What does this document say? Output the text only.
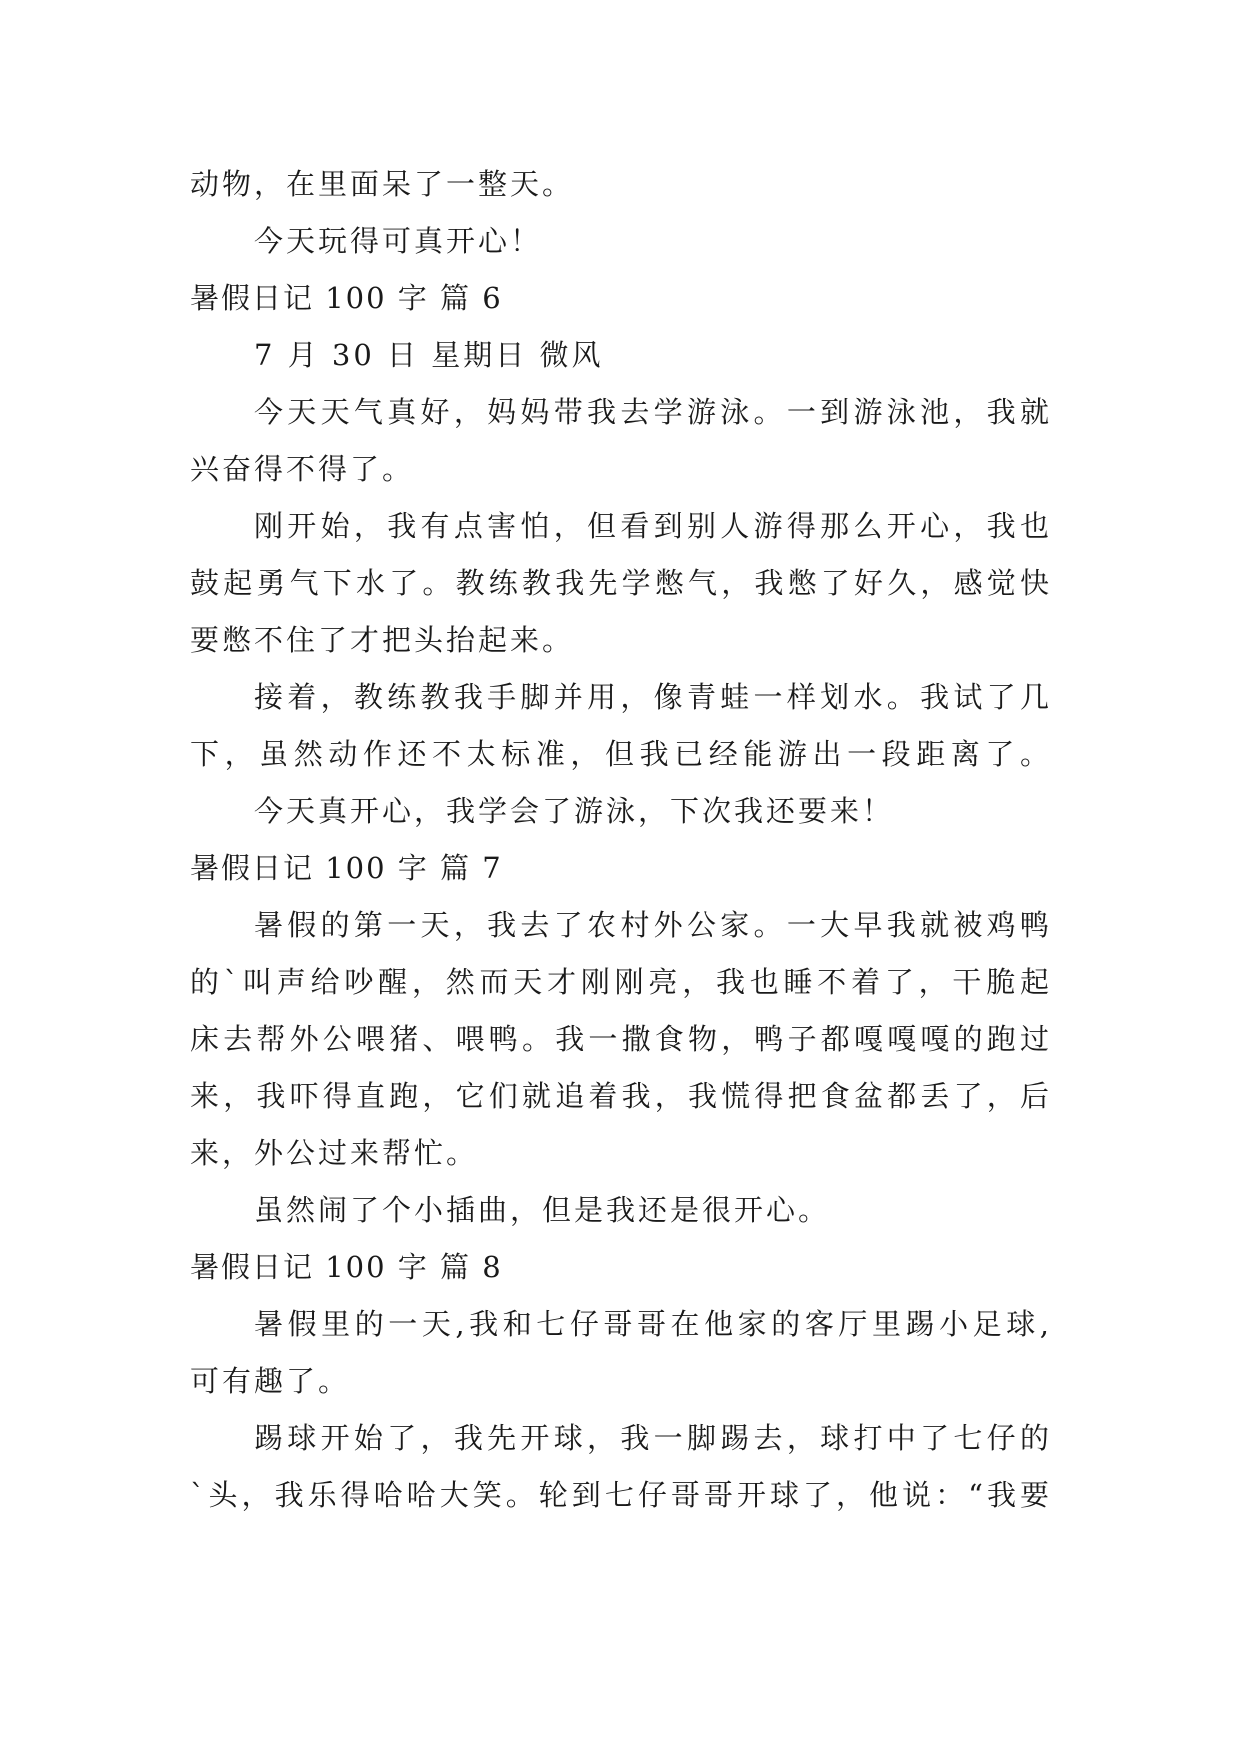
动物，在里面呆了一整天。
今天玩得可真开心！
暑假日记 100 字 篇 6
7 月 30 日 星期日 微风
今天天气真好，妈妈带我去学游泳。一到游泳池，我就
兴奋得不得了。
刚开始，我有点害怕，但看到别人游得那么开心，我也
鼓起勇气下水了。教练教我先学憋气，我憋了好久，感觉快
要憋不住了才把头抬起来。
接着，教练教我手脚并用，像青蛙一样划水。我试了几
下，虽然动作还不太标准，但我已经能游出一段距离了。
今天真开心，我学会了游泳，下次我还要来！
暑假日记 100 字 篇 7
暑假的第一天，我去了农村外公家。一大早我就被鸡鸭
的`叫声给吵醒，然而天才刚刚亮，我也睡不着了，干脆起
床去帮外公喂猪、喂鸭。我一撒食物，鸭子都嘎嘎嘎的跑过
来，我吓得直跑，它们就追着我，我慌得把食盆都丢了，后
来，外公过来帮忙。
虽然闹了个小插曲，但是我还是很开心。
暑假日记 100 字 篇 8
暑假里的一天,我和七仔哥哥在他家的客厅里踢小足球,
可有趣了。
踢球开始了，我先开球，我一脚踢去，球打中了七仔的
`头，我乐得哈哈大笑。轮到七仔哥哥开球了，他说：“我要
